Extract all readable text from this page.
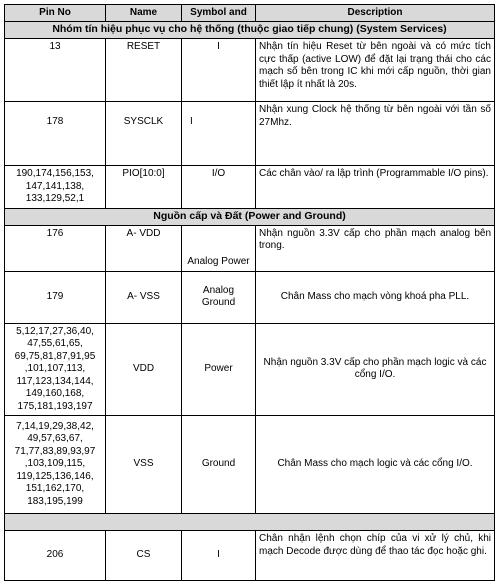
Pin No	Name	Symbol and	Description
Nhóm tín hiệu phục vụ cho hệ thống (thuộc giao tiếp chung) (System Services)			
13	RESET	I	Nhận tín hiệu Reset từ bên ngoài và có mức tích cực thấp (active LOW) để đặt lại trạng thái cho các mạch số bên trong IC khi mới cấp nguồn, thời gian thiết lập ít nhất là 20s.
178	SYSCLK	I	Nhận xung Clock hệ thống từ bên ngoài với tần số 27Mhz.
190,174,156,153, 147,141,138, 133,129,52,1	PIO[10:0]	I/O	Các chân vào/ ra lập trình (Programmable I/O pins).
Nguồn cấp và Đất (Power and Ground)			
176	A- VDD	Analog Power	Nhận nguồn 3.3V cấp cho phần mạch analog bên trong.
179	A- VSS	Analog Ground	Chân Mass cho mạch vòng khoá pha PLL.
5,12,17,27,36,40, 47,55,61,65, 69,75,81,87,91,95 ,101,107,113, 117,123,134,144, 149,160,168, 175,181,193,197	VDD	Power	Nhận nguồn 3.3V cấp cho phần mạch logic và các cổng I/O.
7,14,19,29,38,42, 49,57,63,67, 71,77,83,89,93,97 ,103,109,115, 119,125,136,146, 151,162,170, 183,195,199	VSS	Ground	Chân Mass cho mạch logic và các cổng I/O.

206	CS	I	Chân nhận lệnh chọn chíp của vi xử lý chủ, khi mạch Decode được dùng để thao tác đọc hoặc ghi.
